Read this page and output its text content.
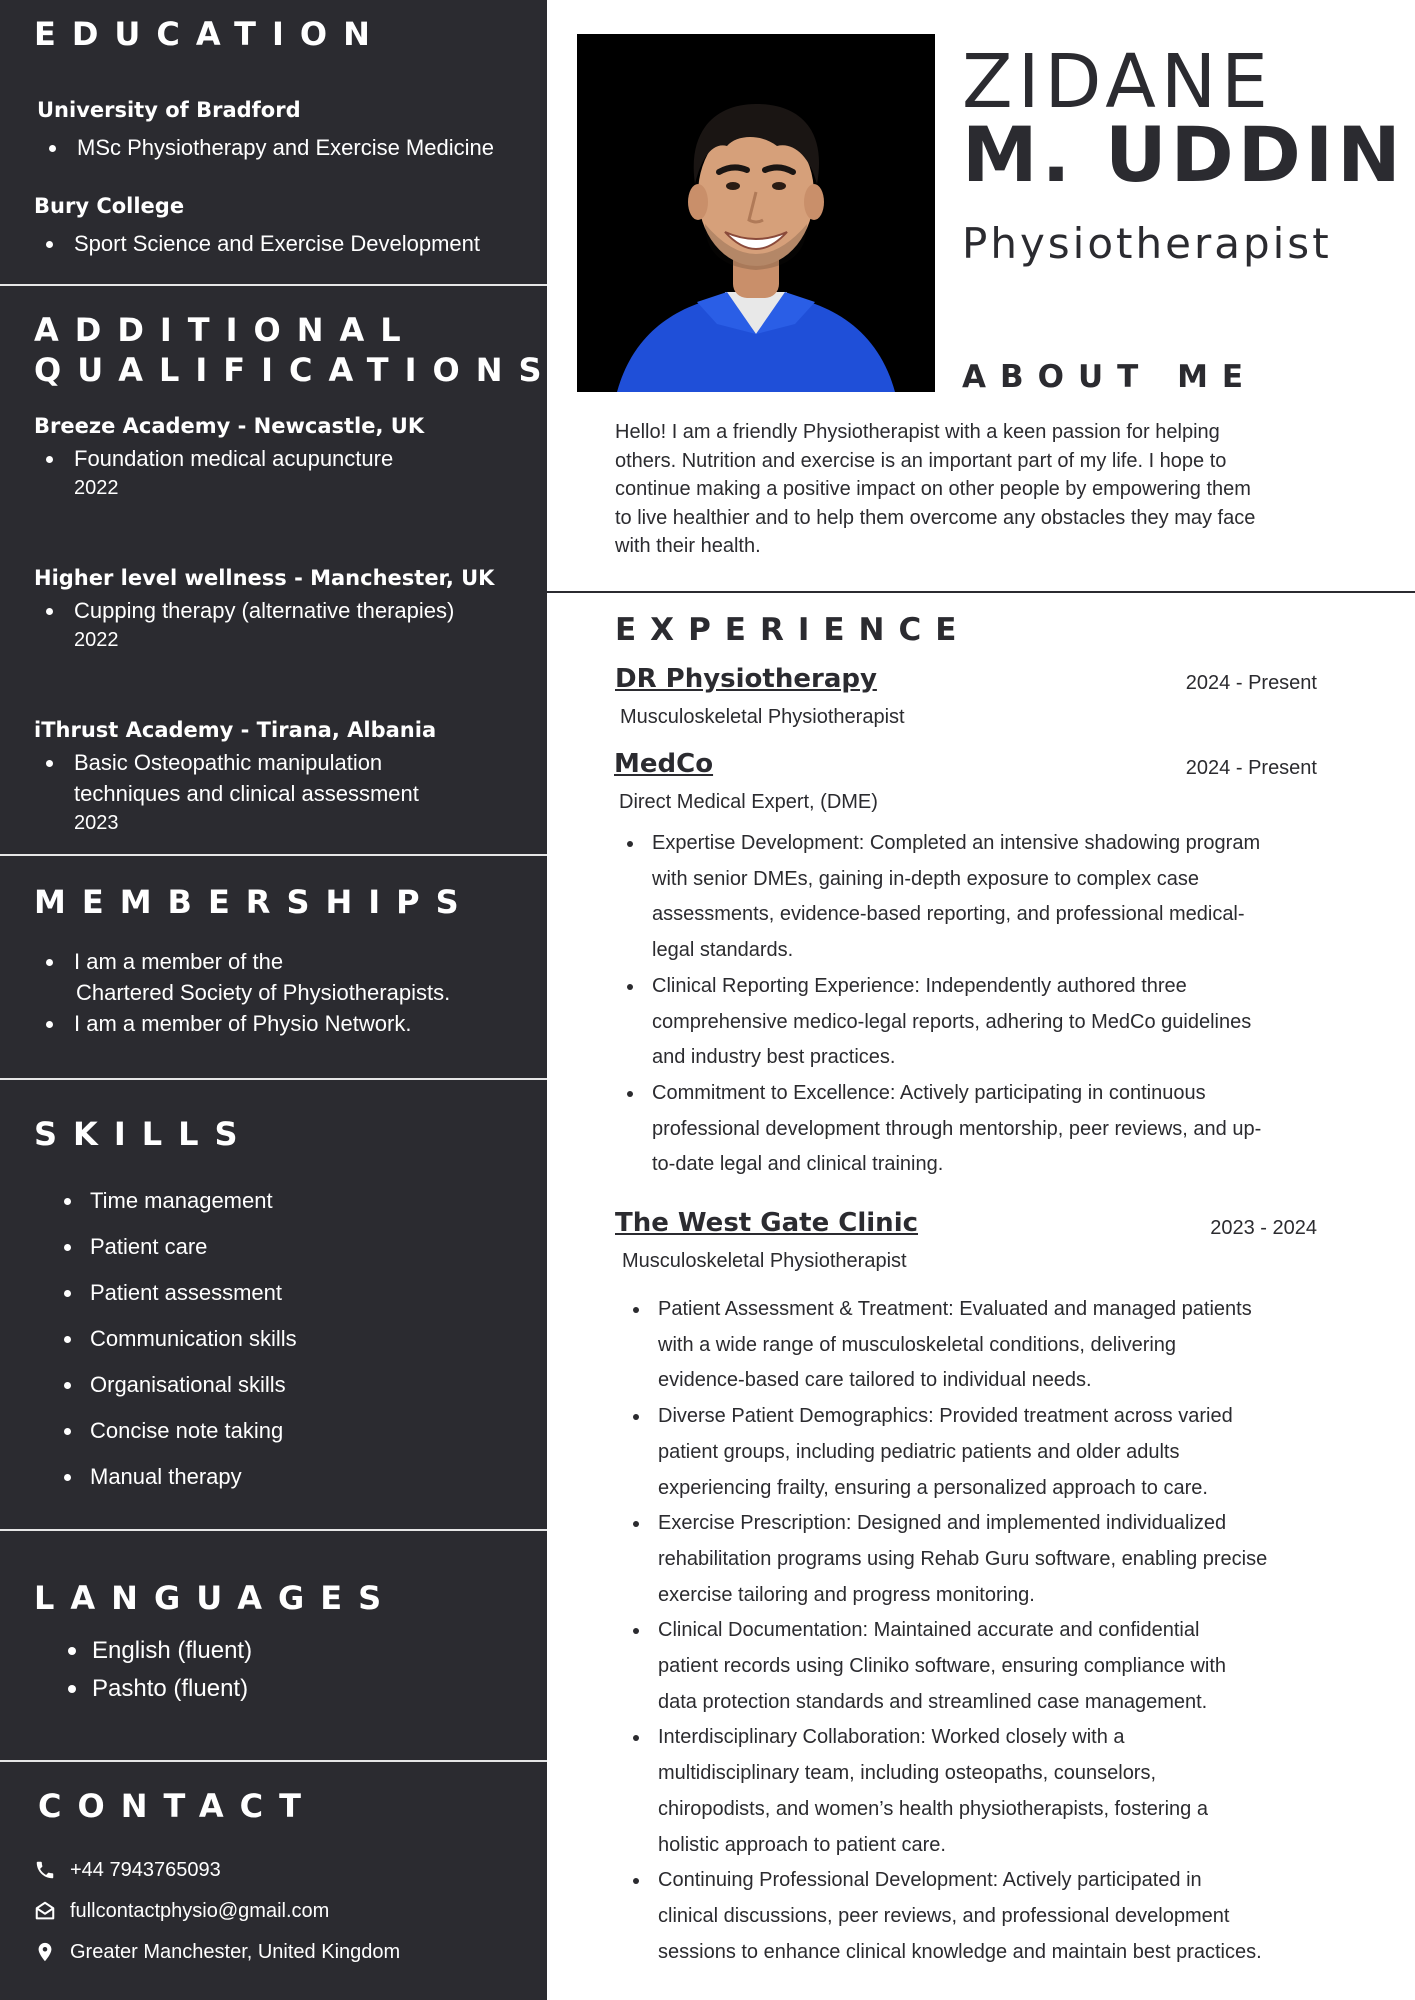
EDUCATION
University of Bradford
MSc Physiotherapy and Exercise Medicine
Bury College
Sport Science and Exercise Development
ADDITIONAL
QUALIFICATIONS
Breeze Academy - Newcastle, UK
Foundation medical acupuncture
2022
Higher level wellness - Manchester, UK
Cupping therapy (alternative therapies)
2022
iThrust Academy - Tirana, Albania
Basic Osteopathic manipulation
techniques and clinical assessment
2023
MEMBERSHIPS
I am a member of the
Chartered Society of Physiotherapists.
I am a member of Physio Network.
SKILLS
Time management
Patient care
Patient assessment
Communication skills
Organisational skills
Concise note taking
Manual therapy
LANGUAGES
English (fluent)
Pashto (fluent)
CONTACT
+44 7943765093
fullcontactphysio@gmail.com
Greater Manchester, United Kingdom
ZIDANE
M. UDDIN
Physiotherapist
ABOUT ME
Hello! I am a friendly Physiotherapist with a keen passion for helping
others. Nutrition and exercise is an important part of my life. I hope to
continue making a positive impact on other people by empowering them
to live healthier and to help them overcome any obstacles they may face
with their health.
EXPERIENCE
DR Physiotherapy	2024 - Present
Musculoskeletal Physiotherapist
MedCo	2024 - Present
Direct Medical Expert, (DME)
Expertise Development: Completed an intensive shadowing program
with senior DMEs, gaining in-depth exposure to complex case
assessments, evidence-based reporting, and professional medical-
legal standards.
Clinical Reporting Experience: Independently authored three
comprehensive medico-legal reports, adhering to MedCo guidelines
and industry best practices.
Commitment to Excellence: Actively participating in continuous
professional development through mentorship, peer reviews, and up-
to-date legal and clinical training.
The West Gate Clinic	2023 - 2024
Musculoskeletal Physiotherapist
Patient Assessment & Treatment: Evaluated and managed patients
with a wide range of musculoskeletal conditions, delivering
evidence-based care tailored to individual needs.
Diverse Patient Demographics: Provided treatment across varied
patient groups, including pediatric patients and older adults
experiencing frailty, ensuring a personalized approach to care.
Exercise Prescription: Designed and implemented individualized
rehabilitation programs using Rehab Guru software, enabling precise
exercise tailoring and progress monitoring.
Clinical Documentation: Maintained accurate and confidential
patient records using Cliniko software, ensuring compliance with
data protection standards and streamlined case management.
Interdisciplinary Collaboration: Worked closely with a
multidisciplinary team, including osteopaths, counselors,
chiropodists, and women’s health physiotherapists, fostering a
holistic approach to patient care.
Continuing Professional Development: Actively participated in
clinical discussions, peer reviews, and professional development
sessions to enhance clinical knowledge and maintain best practices.
